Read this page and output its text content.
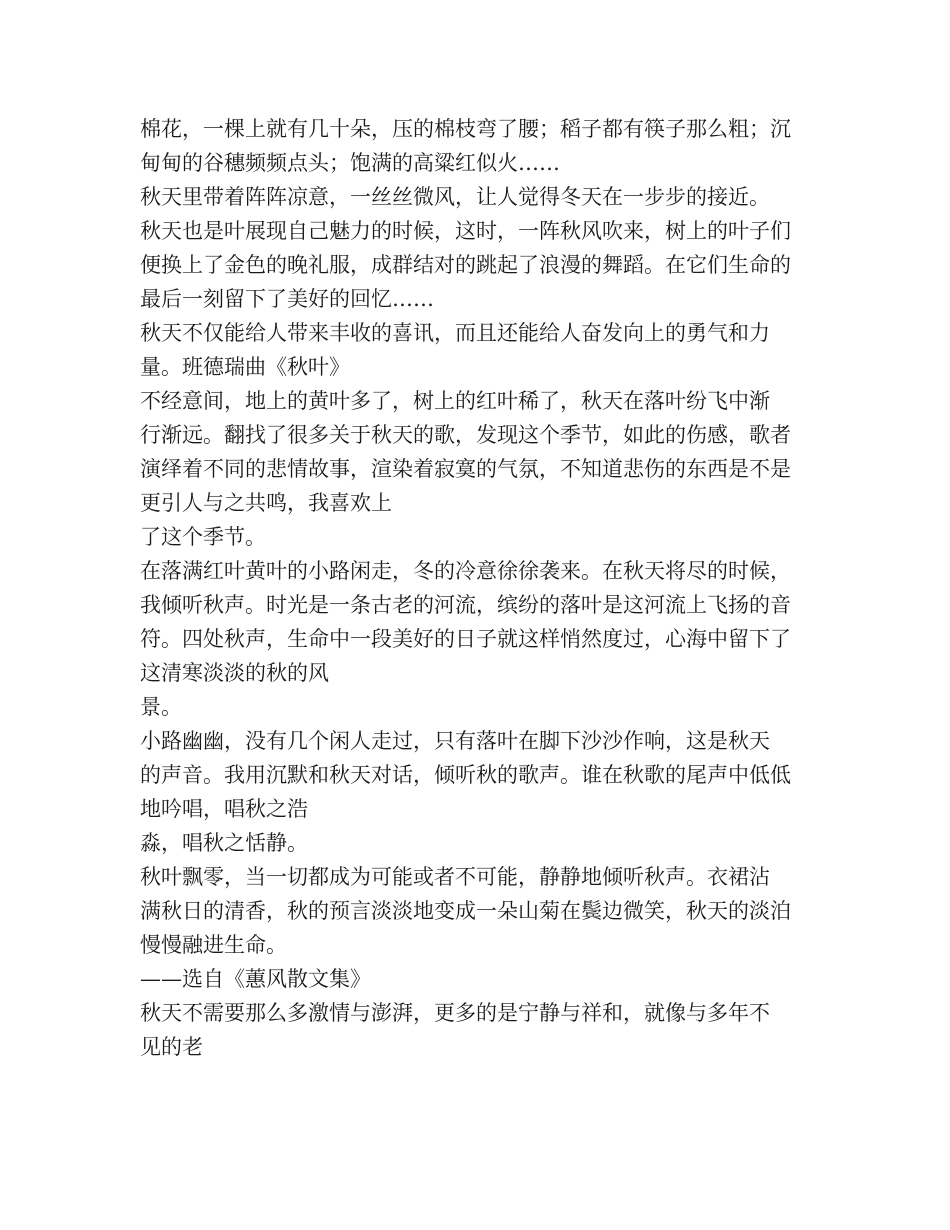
棉花，一棵上就有几十朵，压的棉枝弯了腰；稻子都有筷子那么粗；沉
甸甸的谷穗频频点头；饱满的高粱红似火……
秋天里带着阵阵凉意，一丝丝微风，让人觉得冬天在一步步的接近。
秋天也是叶展现自己魅力的时候，这时，一阵秋风吹来，树上的叶子们
便换上了金色的晚礼服，成群结对的跳起了浪漫的舞蹈。在它们生命的
最后一刻留下了美好的回忆……
秋天不仅能给人带来丰收的喜讯，而且还能给人奋发向上的勇气和力
量。班德瑞曲《秋叶》
不经意间，地上的黄叶多了，树上的红叶稀了，秋天在落叶纷飞中渐
行渐远。翻找了很多关于秋天的歌，发现这个季节，如此的伤感，歌者
演绎着不同的悲情故事，渲染着寂寞的气氛，不知道悲伤的东西是不是
更引人与之共鸣，我喜欢上
了这个季节。
在落满红叶黄叶的小路闲走，冬的冷意徐徐袭来。在秋天将尽的时候，
我倾听秋声。时光是一条古老的河流，缤纷的落叶是这河流上飞扬的音
符。四处秋声，生命中一段美好的日子就这样悄然度过，心海中留下了
这清寒淡淡的秋的风
景。
小路幽幽，没有几个闲人走过，只有落叶在脚下沙沙作响，这是秋天
的声音。我用沉默和秋天对话，倾听秋的歌声。谁在秋歌的尾声中低低
地吟唱，唱秋之浩
淼，唱秋之恬静。
秋叶飘零，当一切都成为可能或者不可能，静静地倾听秋声。衣裙沾
满秋日的清香，秋的预言淡淡地变成一朵山菊在鬓边微笑，秋天的淡泊
慢慢融进生命。
——选自《蕙风散文集》
秋天不需要那么多激情与澎湃，更多的是宁静与祥和，就像与多年不
见的老
